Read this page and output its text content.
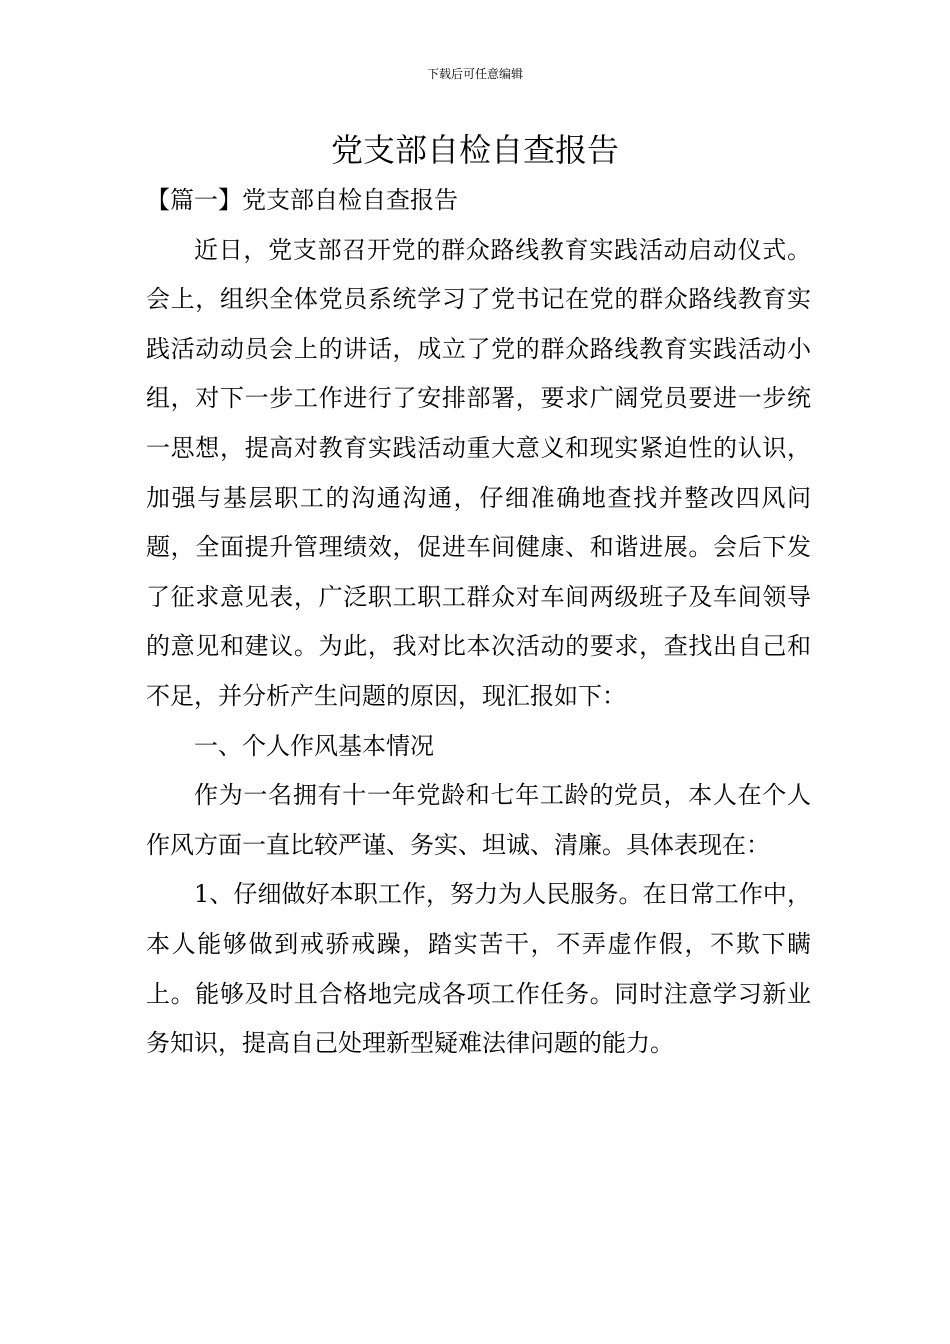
下载后可任意编辑
党支部自检自查报告

【篇一】党支部自检自查报告

近日，党支部召开党的群众路线教育实践活动启动仪式。会上，组织全体党员系统学习了党书记在党的群众路线教育实践活动动员会上的讲话，成立了党的群众路线教育实践活动小组，对下一步工作进行了安排部署，要求广阔党员要进一步统一思想，提高对教育实践活动重大意义和现实紧迫性的认识，加强与基层职工的沟通沟通，仔细准确地查找并整改四风问题，全面提升管理绩效，促进车间健康、和谐进展。会后下发了征求意见表，广泛职工职工群众对车间两级班子及车间领导的意见和建议。为此，我对比本次活动的要求，查找出自己和不足，并分析产生问题的原因，现汇报如下：

一、个人作风基本情况

作为一名拥有十一年党龄和七年工龄的党员，本人在个人作风方面一直比较严谨、务实、坦诚、清廉。具体表现在：

1、仔细做好本职工作，努力为人民服务。在日常工作中，本人能够做到戒骄戒躁，踏实苦干，不弄虚作假，不欺下瞒上。能够及时且合格地完成各项工作任务。同时注意学习新业务知识，提高自己处理新型疑难法律问题的能力。
